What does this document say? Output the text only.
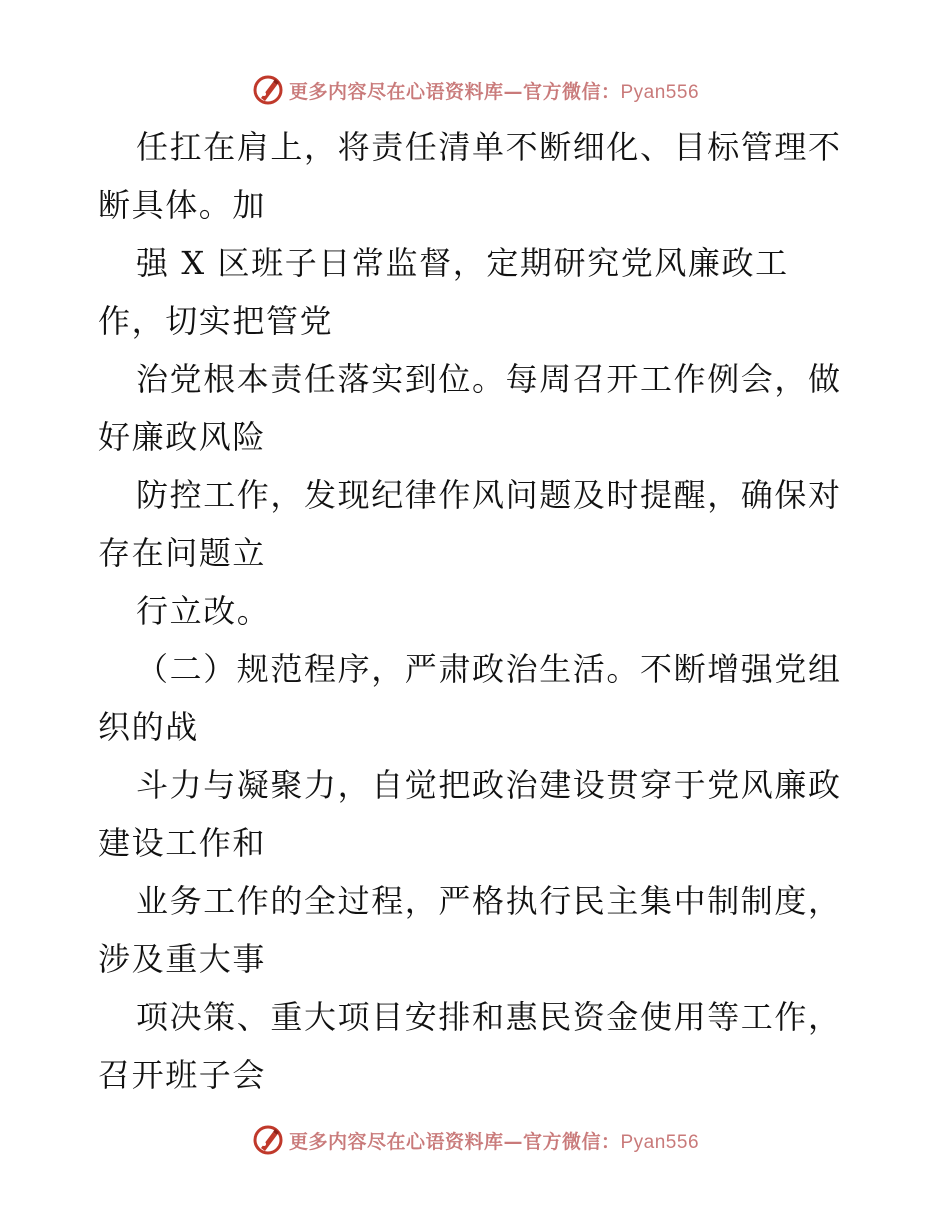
更多内容尽在心语资料库—官方微信：Pyan556
任扛在肩上，将责任清单不断细化、目标管理不
断具体。加
强 X 区班子日常监督，定期研究党风廉政工
作，切实把管党
治党根本责任落实到位。每周召开工作例会，做
好廉政风险
防控工作，发现纪律作风问题及时提醒，确保对
存在问题立
行立改。
（二）规范程序，严肃政治生活。不断增强党组
织的战
斗力与凝聚力，自觉把政治建设贯穿于党风廉政
建设工作和
业务工作的全过程，严格执行民主集中制制度，
涉及重大事
项决策、重大项目安排和惠民资金使用等工作，
召开班子会
更多内容尽在心语资料库—官方微信：Pyan556
